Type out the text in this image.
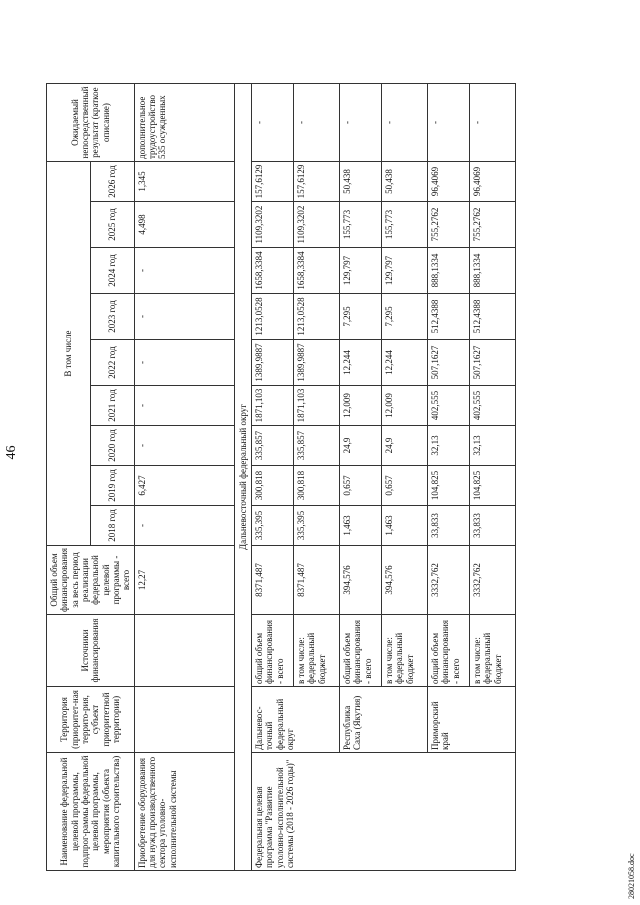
46
Наименование федеральной целевой программы, подпрог-раммы федеральной целевой программы, мероприятия (объекта капитального строительства)	Территория (приоритет-ная террито-рия, субъект приоритетной территории)	Источники финансирования	Общий объем финансирования за весь период реализации федеральной целевой программы - всего	В том числе									Ожидаемый непосредственный результат (краткое описание)
				2018 год	2019 год	2020 год	2021 год	2022 год	2023 год	2024 год	2025 год	2026 год	
Приобретение оборудования для нужд производственного сектора уголовно-исполнительной системы			12,27	-	6,427	-	-	-	-	-	4,498	1,345	дополнительное трудоустройство 535 осужденных
Дальневосточный федеральный округ													
Федеральная целевая программа "Развитие уголовно-исполнительной системы (2018 - 2026 годы)"	Дальневос-точный федеральный округ	общий объем финансирования - всего	8371,487	335,395	300,818	335,857	1871,103	1389,9887	1213,0528	1658,3384	1109,3202	157,6129	-
		в том числе: федеральный бюджет	8371,487	335,395	300,818	335,857	1871,103	1389,9887	1213,0528	1658,3384	1109,3202	157,6129	-
	Республика Саха (Якутия)	общий объем финансирования - всего	394,576	1,463	0,657	24,9	12,009	12,244	7,295	129,797	155,773	50,438	-
		в том числе: федеральный бюджет	394,576	1,463	0,657	24,9	12,009	12,244	7,295	129,797	155,773	50,438	-
	Приморский край	общий объем финансирования - всего	3332,762	33,833	104,825	32,13	402,555	507,1627	512,4388	888,1334	755,2762	96,4069	-
		в том числе: федеральный бюджет	3332,762	33,833	104,825	32,13	402,555	507,1627	512,4388	888,1334	755,2762	96,4069	-
28021058.doc
